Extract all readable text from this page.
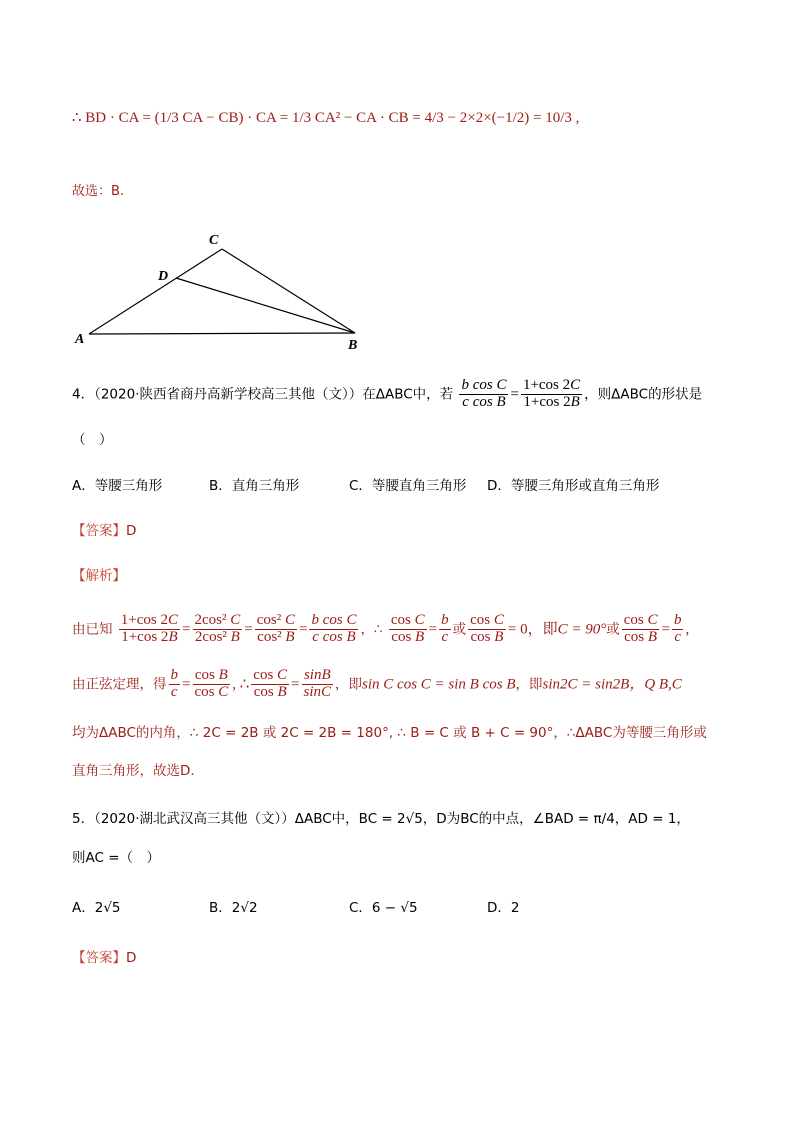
∴ BD · CA = (1/3 CA − CB) · CA = 1/3 CA² − CA · CB = 4/3 − 2×2×(−1/2) = 10/3 ,
故选：B.
A	B
C
D
4．（2020·陕西省商丹高新学校高三其他（文））在ΔABC中，若 $\frac{\text{b cos C}}{\text{c cos B}} = \frac{1+\cos 2C}{1+\cos 2B}$ ，则ΔABC的形状是
（　）
A．等腰三角形	B．直角三角形	C．等腰直角三角形 D．等腰三角形或直角三角形
【答案】D
【解析】
由已知 $\frac{1+\cos 2C}{1+\cos 2B} = \frac{\text{2cos² C}}{\text{2cos² B}} = \frac{\text{cos² C}}{\text{cos² B}} = \frac{\text{b cos C}}{\text{c cos B}}$ ，∴ $\frac{\text{cos C}}{\text{cos B}} = \frac{b}{c}$ 或 $\frac{\text{cos C}}{\text{cos B}} = 0$，即C = 90°或 $\frac{\text{cos C}}{\text{cos B}} = \frac{b}{c}$ ,
由正弦定理，得 $\frac{b}{c} = \frac{\text{cos B}}{\text{cos C}}$ , ∴ $\frac{\text{cos C}}{\text{cos B}} = \frac{\sin B}{\sin C}$ ，即sin C cos C = sin B cos B，即sin2C = sin2B，Q B,C
均为ΔABC的内角，∴ 2C = 2B 或 2C = 2B = 180°, ∴ B = C 或 B + C = 90°，∴ΔABC为等腰三角形或
直角三角形，故选D.
5．（2020·湖北武汉高三其他（文））ΔABC中，BC = 2√5，D为BC的中点，∠BAD = π/4，AD = 1，
则AC =（　）
A．2√5	B．2√2	C．6 − √5	D．2
【答案】D
